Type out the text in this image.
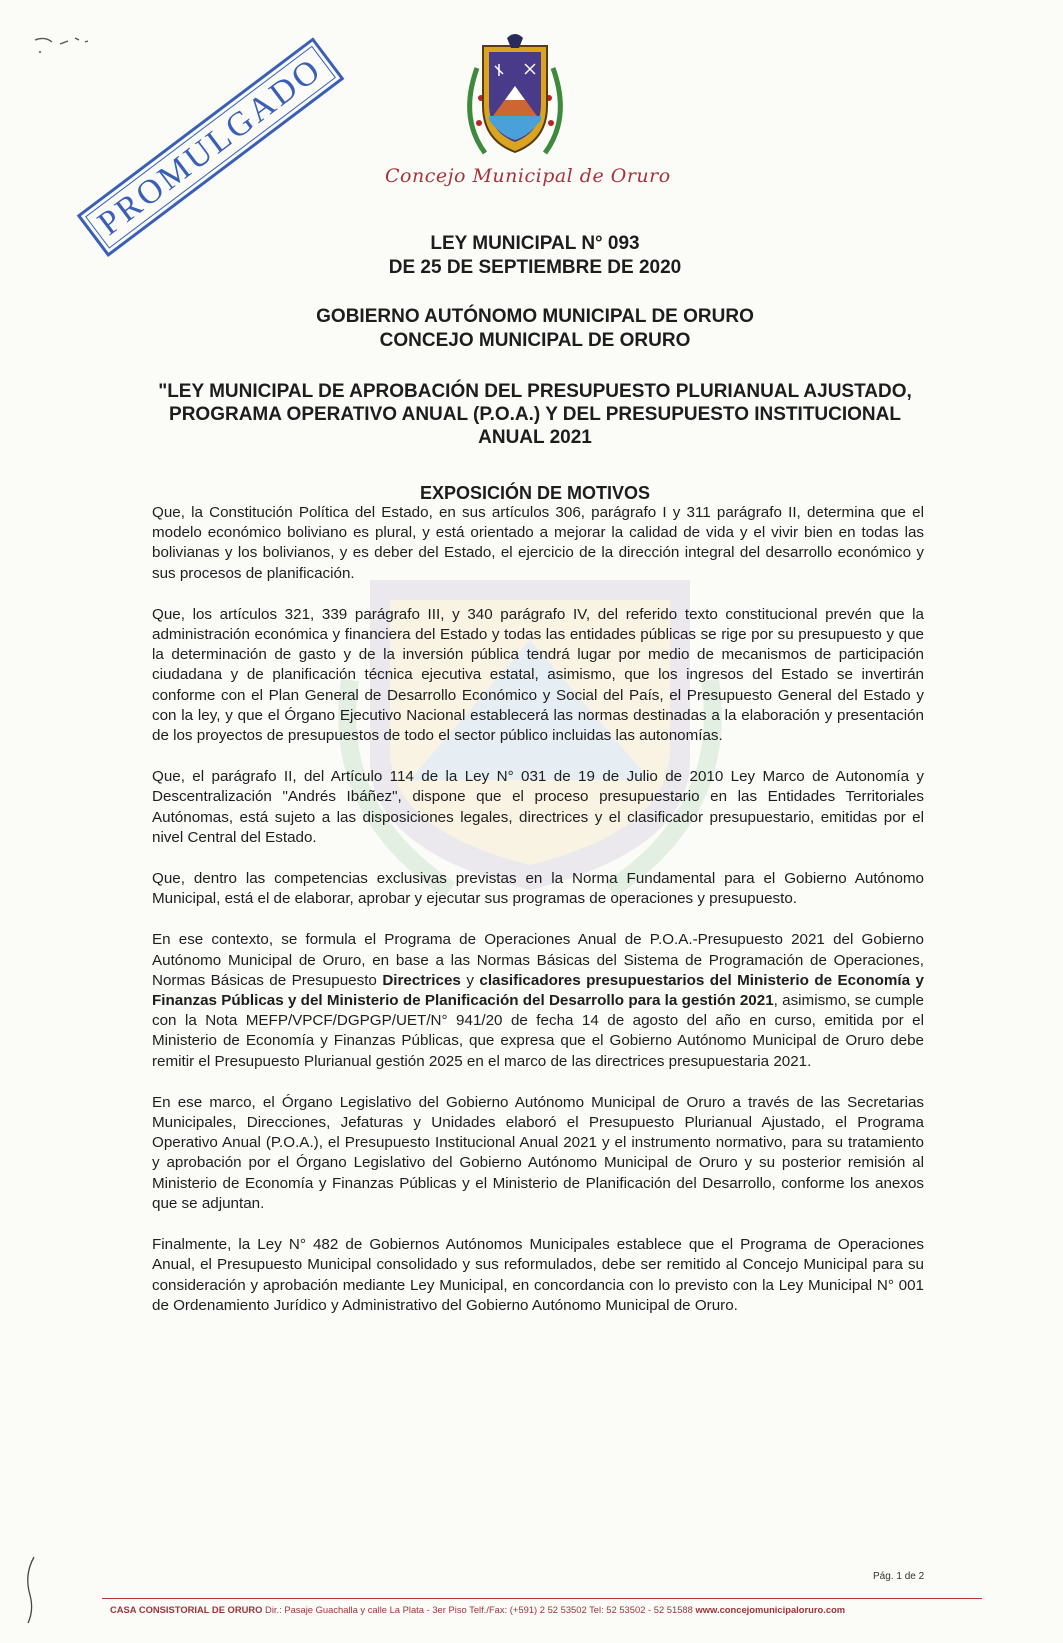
Concejo Municipal de Oruro
PROMULGADO
LEY MUNICIPAL N° 093
DE 25 DE SEPTIEMBRE DE 2020
GOBIERNO AUTÓNOMO MUNICIPAL DE ORURO
CONCEJO MUNICIPAL DE ORURO
"LEY MUNICIPAL DE APROBACIÓN DEL PRESUPUESTO PLURIANUAL AJUSTADO,
PROGRAMA OPERATIVO ANUAL (P.O.A.) Y DEL PRESUPUESTO INSTITUCIONAL
ANUAL 2021
EXPOSICIÓN DE MOTIVOS

Que, la Constitución Política del Estado, en sus artículos 306, parágrafo I y 311 parágrafo II, determina que el modelo económico boliviano es plural, y está orientado a mejorar la calidad de vida y el vivir bien en todas las bolivianas y los bolivianos, y es deber del Estado, el ejercicio de la dirección integral del desarrollo económico y sus procesos de planificación.

Que, los artículos 321, 339 parágrafo III, y 340 parágrafo IV, del referido texto constitucional prevén que la administración económica y financiera del Estado y todas las entidades públicas se rige por su presupuesto y que la determinación de gasto y de la inversión pública tendrá lugar por medio de mecanismos de participación ciudadana y de planificación técnica ejecutiva estatal, asimismo, que los ingresos del Estado se invertirán conforme con el Plan General de Desarrollo Económico y Social del País, el Presupuesto General del Estado y con la ley, y que el Órgano Ejecutivo Nacional establecerá las normas destinadas a la elaboración y presentación de los proyectos de presupuestos de todo el sector público incluidas las autonomías.

Que, el parágrafo II, del Artículo 114 de la Ley N° 031 de 19 de Julio de 2010 Ley Marco de Autonomía y Descentralización "Andrés Ibáñez", dispone que el proceso presupuestario en las Entidades Territoriales Autónomas, está sujeto a las disposiciones legales, directrices y el clasificador presupuestario, emitidas por el nivel Central del Estado.

Que, dentro las competencias exclusivas previstas en la Norma Fundamental para el Gobierno Autónomo Municipal, está el de elaborar, aprobar y ejecutar sus programas de operaciones y presupuesto.

En ese contexto, se formula el Programa de Operaciones Anual de P.O.A.-Presupuesto 2021 del Gobierno Autónomo Municipal de Oruro, en base a las Normas Básicas del Sistema de Programación de Operaciones, Normas Básicas de Presupuesto Directrices y clasificadores presupuestarios del Ministerio de Economía y Finanzas Públicas y del Ministerio de Planificación del Desarrollo para la gestión 2021, asimismo, se cumple con la Nota MEFP/VPCF/DGPGP/UET/N° 941/20 de fecha 14 de agosto del año en curso, emitida por el Ministerio de Economía y Finanzas Públicas, que expresa que el Gobierno Autónomo Municipal de Oruro debe remitir el Presupuesto Plurianual gestión 2025 en el marco de las directrices presupuestaria 2021.

En ese marco, el Órgano Legislativo del Gobierno Autónomo Municipal de Oruro a través de las Secretarias Municipales, Direcciones, Jefaturas y Unidades elaboró el Presupuesto Plurianual Ajustado, el Programa Operativo Anual (P.O.A.), el Presupuesto Institucional Anual 2021 y el instrumento normativo, para su tratamiento y aprobación por el Órgano Legislativo del Gobierno Autónomo Municipal de Oruro y su posterior remisión al Ministerio de Economía y Finanzas Públicas y el Ministerio de Planificación del Desarrollo, conforme los anexos que se adjuntan.

Finalmente, la Ley N° 482 de Gobiernos Autónomos Municipales establece que el Programa de Operaciones Anual, el Presupuesto Municipal consolidado y sus reformulados, debe ser remitido al Concejo Municipal para su consideración y aprobación mediante Ley Municipal, en concordancia con lo previsto con la Ley Municipal N° 001 de Ordenamiento Jurídico y Administrativo del Gobierno Autónomo Municipal de Oruro.

Pág. 1 de 2
CASA CONSISTORIAL DE ORURO Dir.: Pasaje Guachalla y calle La Plata - 3er Piso Telf./Fax: (+591) 2 52 53502 Tel: 52 53502 - 52 51588 www.concejomunicipaloruro.com
